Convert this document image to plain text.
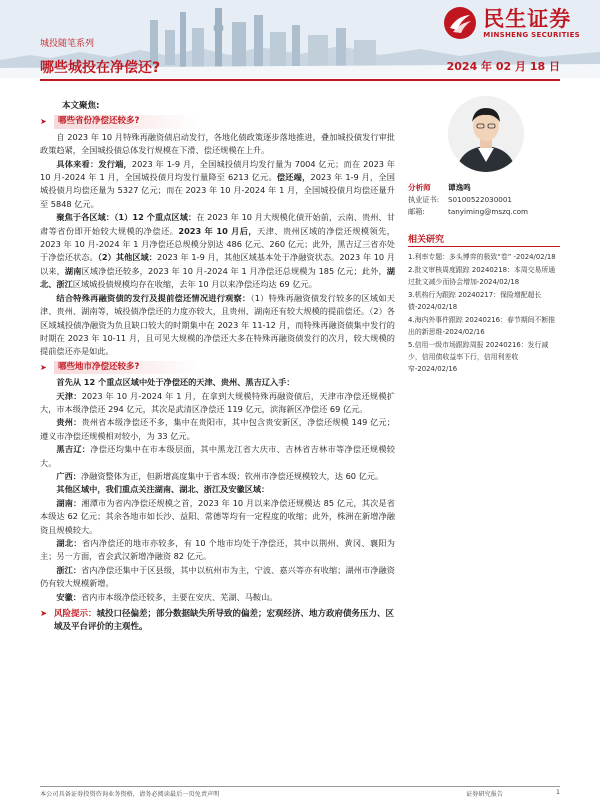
民生证券
MINSHENG SECURITIES
城投随笔系列
哪些城投在净偿还?	2024 年 02 月 18 日
本文聚焦:
➤	哪些省份净偿还较多?

自 2023 年 10 月特殊再融资债启动发行，各地化债政策逐步落地推进，叠加城投债发行审批政策趋紧，全国城投债总体发行规模在下滑、偿还规模在上升。

具体来看：发行端，2023 年 1-9 月，全国城投债月均发行量为 7004 亿元；而在 2023 年 10 月-2024 年 1 月，全国城投债月均发行量降至 6213 亿元。偿还端，2023 年 1-9 月，全国城投债月均偿还量为 5327 亿元；而在 2023 年 10 月-2024 年 1 月，全国城投债月均偿还量升至 5848 亿元。

聚焦于各区域：（1）12 个重点区域：在 2023 年 10 月大规模化债开始前，云南、贵州、甘肃等省份即开始较大规模的净偿还。2023 年 10 月后，天津、贵州区域的净偿还规模领先，2023 年 10 月-2024 年 1 月净偿还总规模分别达 486 亿元、260 亿元；此外，黑吉辽三省亦处于净偿还状态。（2）其他区域：2023 年 1-9 月，其他区域基本处于净融资状态。2023 年 10 月以来，湖南区域净偿还较多，2023 年 10 月-2024 年 1 月净偿还总规模为 185 亿元；此外，湖北、浙江区域城投债规模均存在收缩，去年 10 月以来净偿还均达 69 亿元。

结合特殊再融资债的发行及提前偿还情况进行观察：（1）特殊再融资债发行较多的区域如天津、贵州、湖南等，城投债净偿还的力度亦较大，且贵州、湖南还有较大规模的提前偿还。（2）各区域城投债净融资为负且缺口较大的时期集中在 2023 年 11-12 月，而特殊再融资债集中发行的时期在 2023 年 10-11 月，且可见大规模的净偿还大多在特殊再融资债发行的次月，较大规模的提前偿还亦是如此。

➤	哪些地市净偿还较多?

首先从 12 个重点区域中处于净偿还的天津、贵州、黑吉辽入手：

天津：2023 年 10 月-2024 年 1 月，在拿到大规模特殊再融资债后，天津市净偿还规模扩大，市本级净偿还 294 亿元，其次是武清区净偿还 119 亿元，滨海新区净偿还 69 亿元。

贵州：贵州省本级净偿还不多，集中在贵阳市，其中包含贵安新区，净偿还规模 149 亿元；遵义市净偿还规模相对较小，为 33 亿元。

黑吉辽：净偿还均集中在市本级层面，其中黑龙江省大庆市、吉林省吉林市等净偿还规模较大。

广西：净融资整体为正，但新增高度集中于省本级；钦州市净偿还规模较大，达 60 亿元。

其他区域中，我们重点关注湖南、湖北、浙江及安徽区域：

湖南：湘潭市为省内净偿还规模之首，2023 年 10 月以来净偿还规模达 85 亿元，其次是省本级达 62 亿元；其余各地市如长沙、益阳、常德等均有一定程度的收缩；此外，株洲在新增净融资且规模较大。

湖北：省内净偿还的地市亦较多，有 10 个地市均处于净偿还，其中以荆州、黄冈、襄阳为主；另一方面，省会武汉新增净融资 82 亿元。

浙江：省内净偿还集中于区县级，其中以杭州市为主，宁波、嘉兴等亦有收缩；湖州市净融资仍有较大规模新增。

安徽：省内市本级净偿还较多，主要在安庆、芜湖、马鞍山。

➤ 风险提示：城投口径偏差；部分数据缺失所导致的偏差；宏观经济、地方政府债务压力、区域及平台评价的主观性。
分析师	谭逸鸣
执业证书:	S0100522030001
邮箱:	tanyiming@mszq.com
相关研究
1.利率专题：多头博弈的极致“卷” -2024/02/18
2.批文审核周度跟踪 20240218：本周交易所通过批文减少而协会增加-2024/02/18
3.机构行为跟踪 20240217：保险增配超长债-2024/02/18
4.海内外事件跟踪 20240216：春节期间不断推出的新思维-2024/02/16
5.信用一级市场跟踪周报 20240216：发行减少，信用债收益率下行，信用利差收窄-2024/02/16
本公司具备证券投资咨询业务资格，请务必阅读最后一页免责声明	证券研究报告	1
